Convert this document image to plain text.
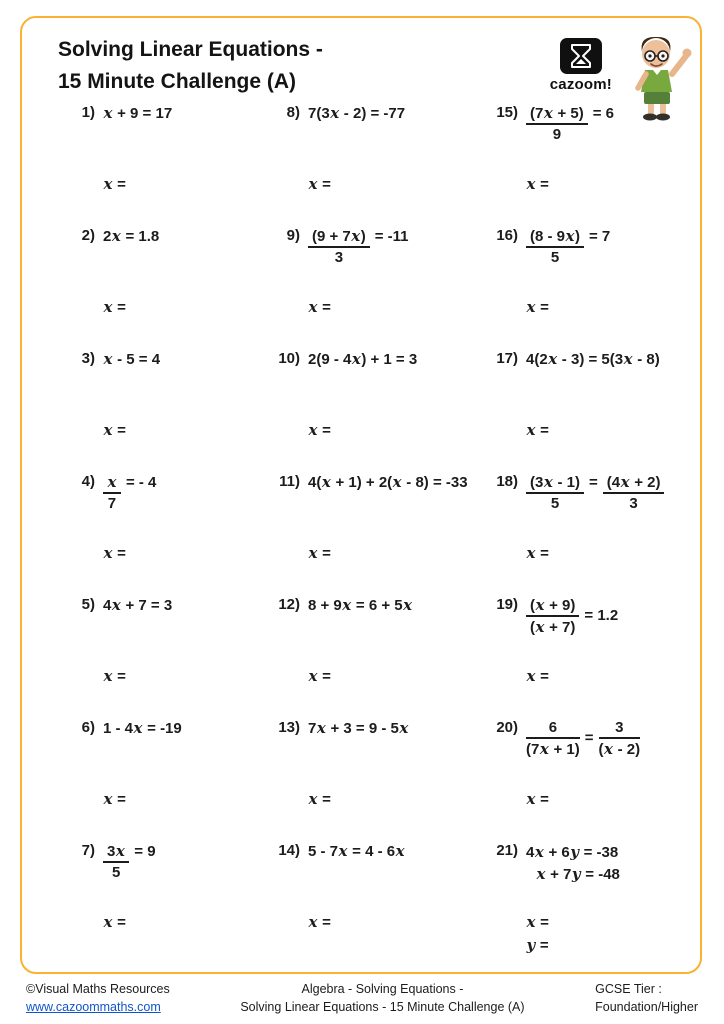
Solving Linear Equations -
15 Minute Challenge (A)	cazoom!
1) x + 9 = 17
x =
2) 2x = 1.8
x =
3) x - 5 = 4
x =
$4) \frac{x}{7}$ = - 4
x =
5) 4x + 7 = 3
x =
6) 1 - 4x = -19
x =
$7) \frac{3x}{5} = 9$
x =
8) 7(3x - 2) = -77
x =
$9) \frac{(9 + 7x)}{3} = -11$
x =
10) 2(9 - 4x) + 1 = 3
x =
11) 4(x + 1) + 2(x - 8) = -33
x =
12) 8 + 9x = 6 + 5x
x =
13) 7x + 3 = 9 - 5x
x =
14) 5 - 7x = 4 - 6x
x =
$15) \frac{(7x + 5)}{9} = 6$
x =
$16) \frac{(8 - 9x)}{5} = 7$
x =
17) 4(2x - 3) = 5(3x - 8)
x =
$18) \frac{(3x - 1)}{5} = \frac{(4x + 2)}{3}$
x =
$19) \frac{(x + 9)}{(x + 7)} = 1.2$
x =
$20) \frac{6}{(7x + 1)} = \frac{3}{(x - 2)}$
x =
21) 4x + 6y = -38
x + 7y = -48
x =
y =
©Visual Maths Resources
www.cazoommaths.com
Algebra - Solving Equations -
Solving Linear Equations - 15 Minute Challenge (A)
GCSE Tier :
Foundation/Higher
